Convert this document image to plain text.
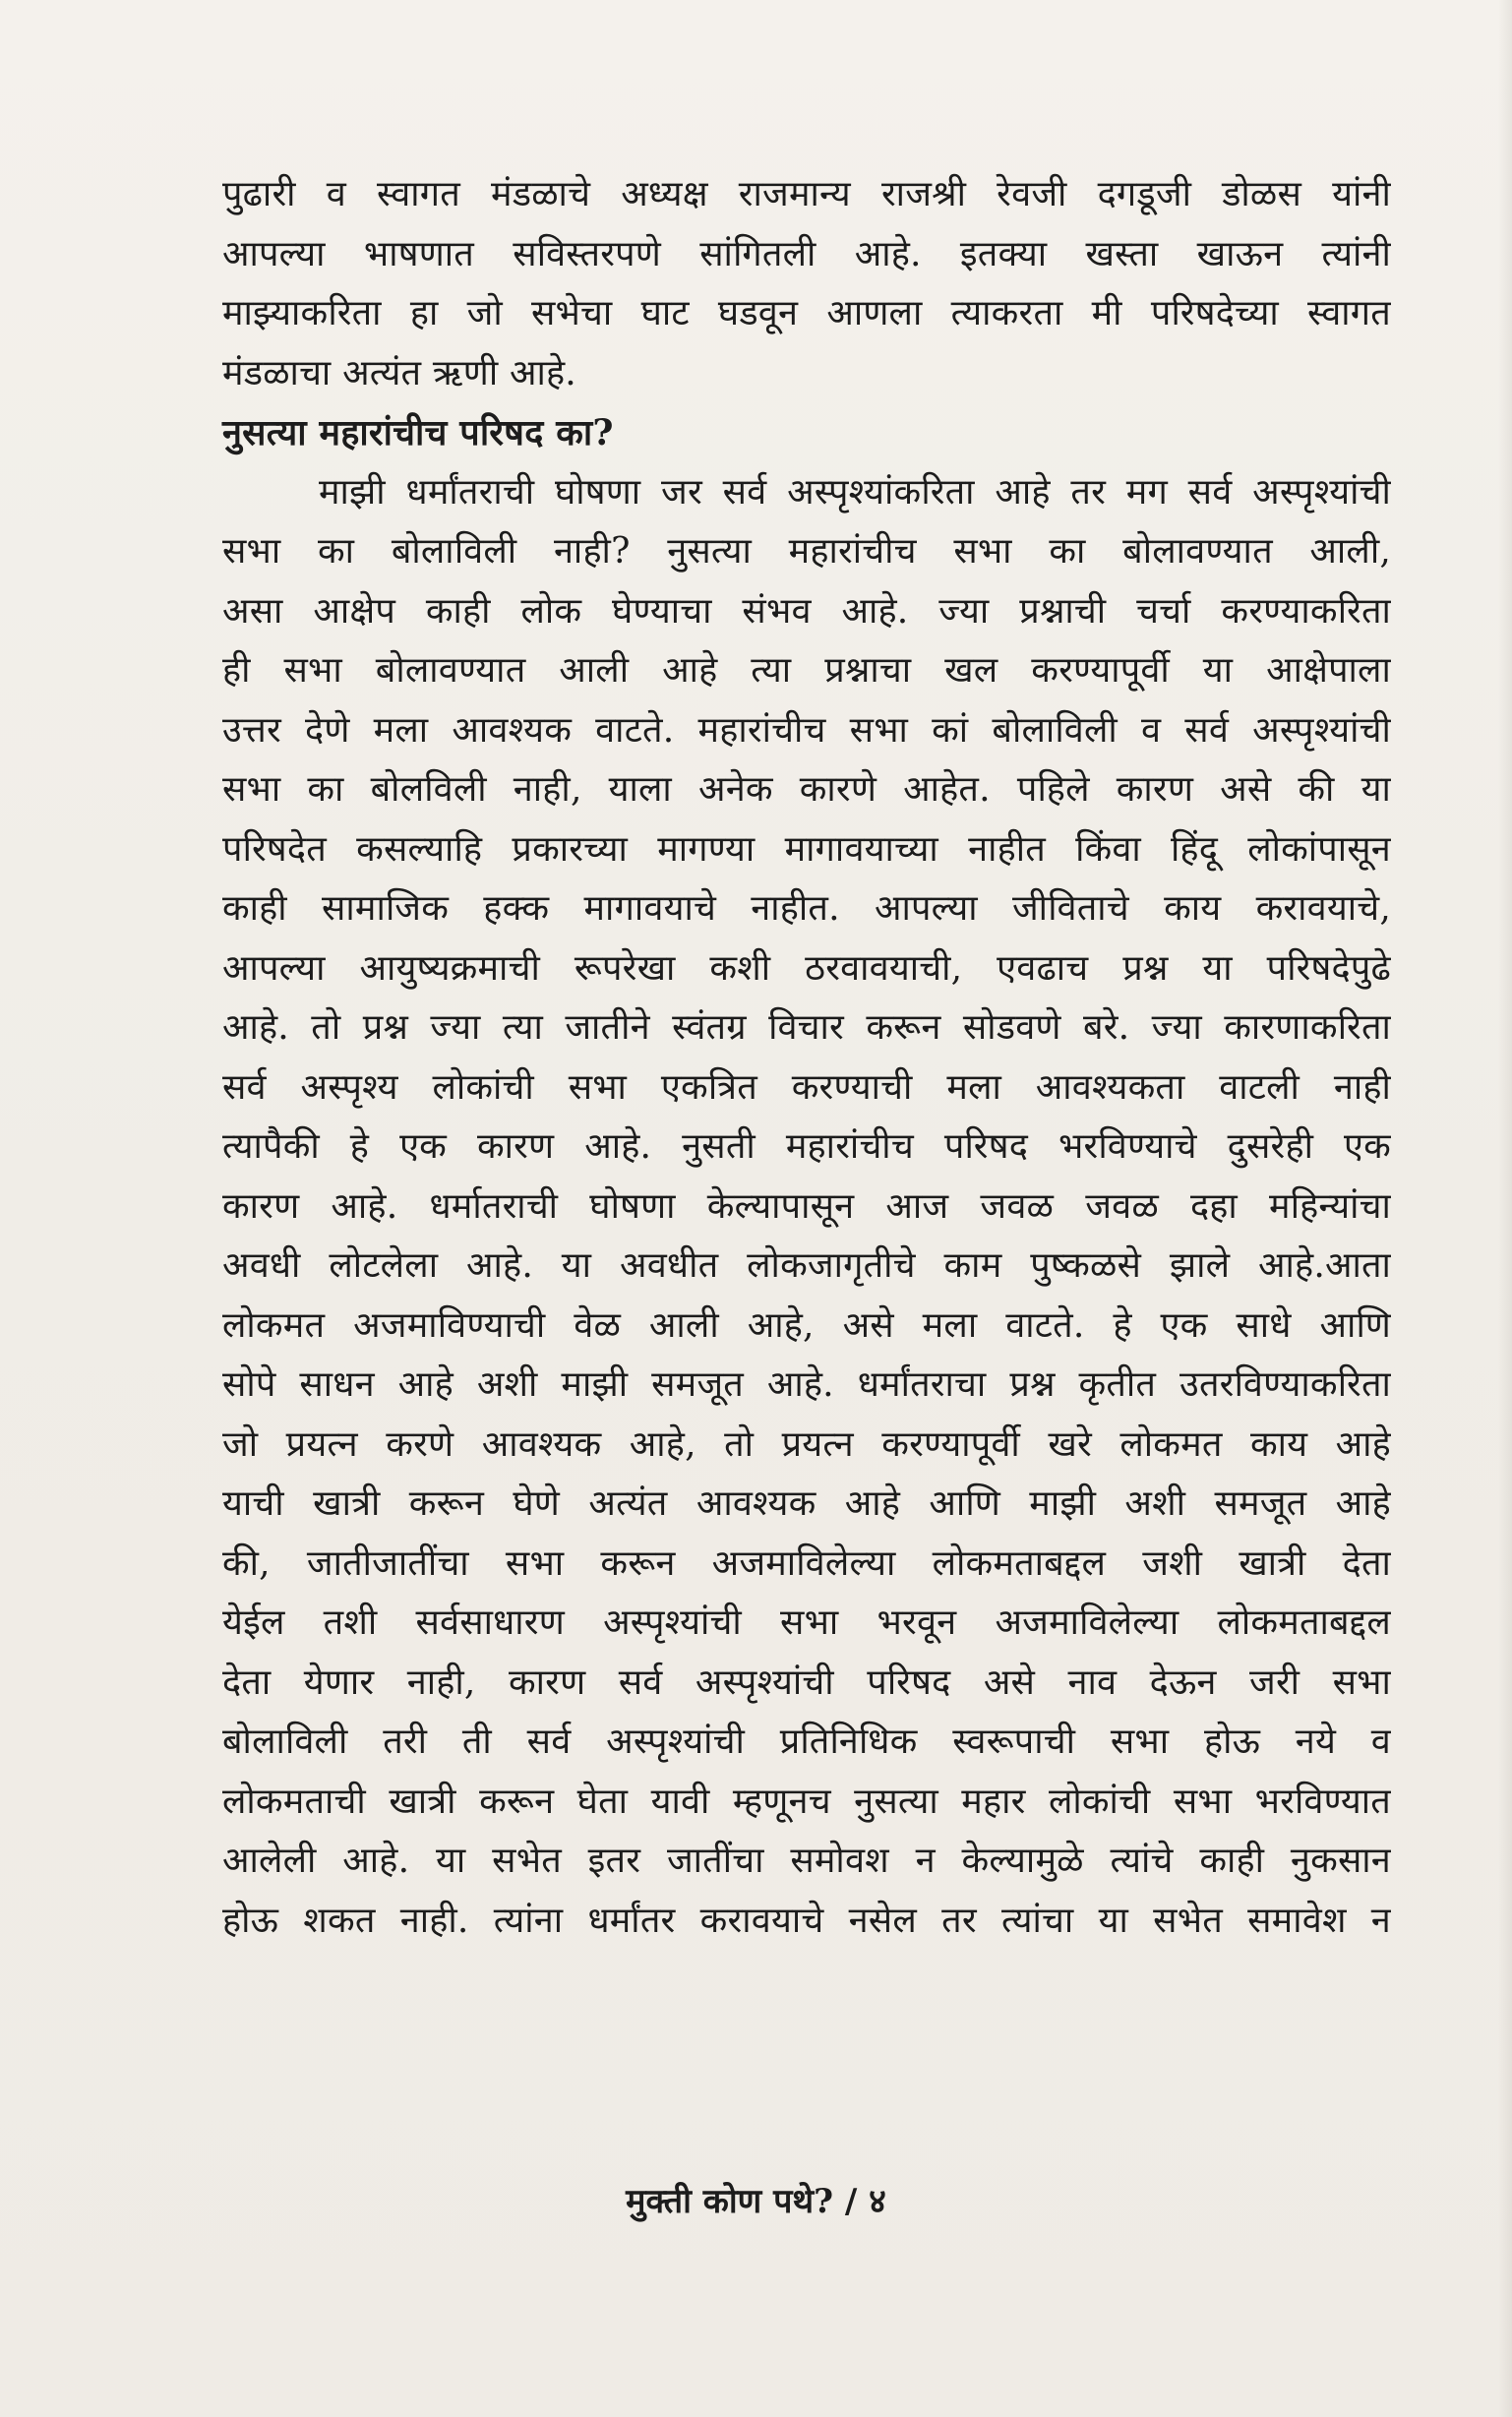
पुढारी व स्वागत मंडळाचे अध्यक्ष राजमान्य राजश्री रेवजी दगडूजी डोळस यांनी
आपल्या भाषणात सविस्तरपणे सांगितली आहे. इतक्या खस्ता खाऊन त्यांनी
माझ्याकरिता हा जो सभेचा घाट घडवून आणला त्याकरता मी परिषदेच्या स्वागत
मंडळाचा अत्यंत ऋणी आहे.
नुसत्या महारांचीच परिषद का?
माझी धर्मांतराची घोषणा जर सर्व अस्पृश्यांकरिता आहे तर मग सर्व अस्पृश्यांची
सभा का बोलाविली नाही? नुसत्या महारांचीच सभा का बोलावण्यात आली,
असा आक्षेप काही लोक घेण्याचा संभव आहे. ज्या प्रश्नाची चर्चा करण्याकरिता
ही सभा बोलावण्यात आली आहे त्या प्रश्नाचा खल करण्यापूर्वी या आक्षेपाला
उत्तर देणे मला आवश्यक वाटते. महारांचीच सभा कां बोलाविली व सर्व अस्पृश्यांची
सभा का बोलविली नाही, याला अनेक कारणे आहेत. पहिले कारण असे की या
परिषदेत कसल्याहि प्रकारच्या मागण्या मागावयाच्या नाहीत किंवा हिंदू लोकांपासून
काही सामाजिक हक्क मागावयाचे नाहीत. आपल्या जीविताचे काय करावयाचे,
आपल्या आयुष्यक्रमाची रूपरेखा कशी ठरवावयाची, एवढाच प्रश्न या परिषदेपुढे
आहे. तो प्रश्न ज्या त्या जातीने स्वंतग्र विचार करून सोडवणे बरे. ज्या कारणाकरिता
सर्व अस्पृश्य लोकांची सभा एकत्रित करण्याची मला आवश्यकता वाटली नाही
त्यापैकी हे एक कारण आहे. नुसती महारांचीच परिषद भरविण्याचे दुसरेही एक
कारण आहे. धर्मातराची घोषणा केल्यापासून आज जवळ जवळ दहा महिन्यांचा
अवधी लोटलेला आहे. या अवधीत लोकजागृतीचे काम पुष्कळसे झाले आहे.आता
लोकमत अजमाविण्याची वेळ आली आहे, असे मला वाटते. हे एक साधे आणि
सोपे साधन आहे अशी माझी समजूत आहे. धर्मांतराचा प्रश्न कृतीत उतरविण्याकरिता
जो प्रयत्न करणे आवश्यक आहे, तो प्रयत्न करण्यापूर्वी खरे लोकमत काय आहे
याची खात्री करून घेणे अत्यंत आवश्यक आहे आणि माझी अशी समजूत आहे
की, जातीजातींचा सभा करून अजमाविलेल्या लोकमताबद्दल जशी खात्री देता
येईल तशी सर्वसाधारण अस्पृश्यांची सभा भरवून अजमाविलेल्या लोकमताबद्दल
देता येणार नाही, कारण सर्व अस्पृश्यांची परिषद असे नाव देऊन जरी सभा
बोलाविली तरी ती सर्व अस्पृश्यांची प्रतिनिधिक स्वरूपाची सभा होऊ नये व
लोकमताची खात्री करून घेता यावी म्हणूनच नुसत्या महार लोकांची सभा भरविण्यात
आलेली आहे. या सभेत इतर जातींचा समोवश न केल्यामुळे त्यांचे काही नुकसान
होऊ शकत नाही. त्यांना धर्मांतर करावयाचे नसेल तर त्यांचा या सभेत समावेश न
मुक्ती कोण पथे? / ४
